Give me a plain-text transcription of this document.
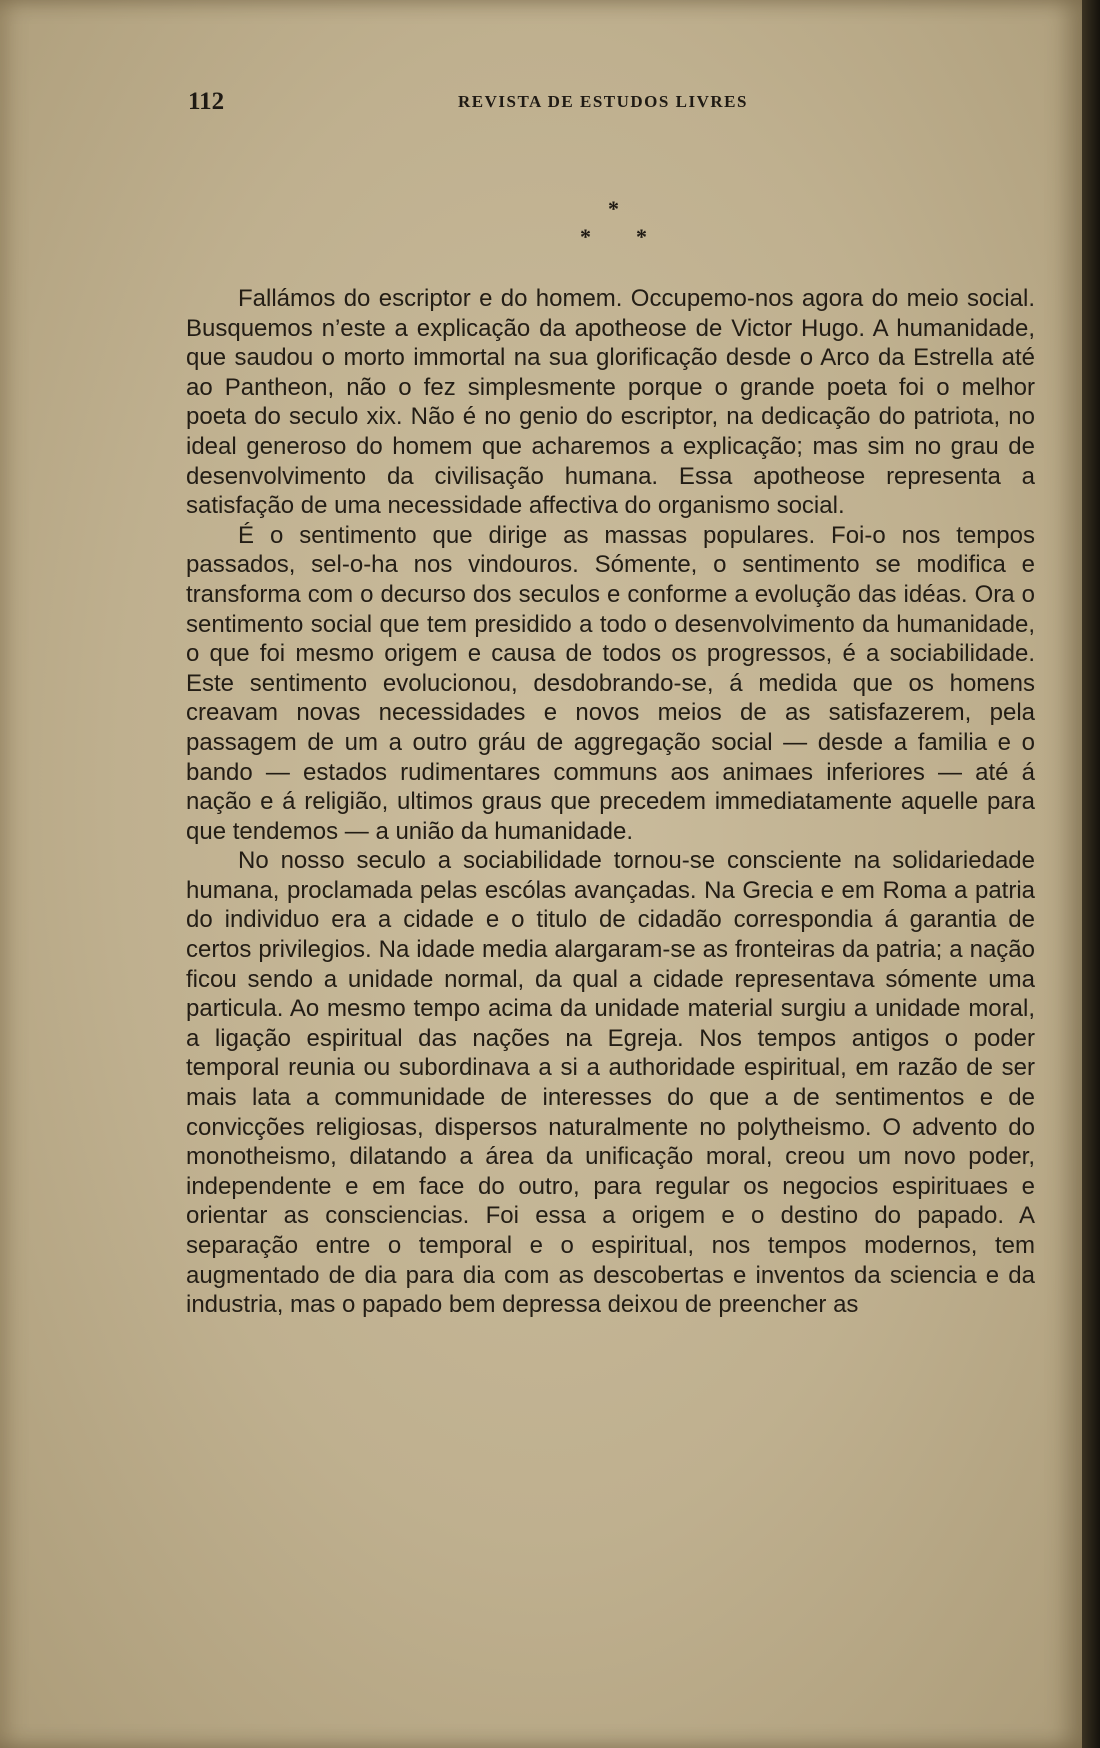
112	REVISTA DE ESTUDOS LIVRES
*
* *

Fallámos do escriptor e do homem. Occupemo-nos agora do meio social. Busquemos n’este a explicação da apotheose de Victor Hugo. A humanidade, que saudou o morto immortal na sua glorificação desde o Arco da Estrella até ao Pantheon, não o fez simplesmente porque o grande poeta foi o melhor poeta do seculo xix. Não é no genio do escriptor, na dedicação do patriota, no ideal generoso do homem que acharemos a explicação; mas sim no grau de desenvolvimento da civilisação humana. Essa apotheose representa a satisfação de uma necessidade affectiva do organismo social.

É o sentimento que dirige as massas populares. Foi-o nos tempos passados, sel-o-ha nos vindouros. Sómente, o sentimento se modifica e transforma com o decurso dos seculos e conforme a evolução das idéas. Ora o sentimento social que tem presidido a todo o desenvolvimento da humanidade, o que foi mesmo origem e causa de todos os progressos, é a sociabilidade. Este sentimento evolucionou, desdobrando-se, á medida que os homens creavam novas necessidades e novos meios de as satisfazerem, pela passagem de um a outro gráu de aggregação social — desde a familia e o bando — estados rudimentares communs aos animaes inferiores — até á nação e á religião, ultimos graus que precedem immediatamente aquelle para que tendemos — a união da humanidade.

No nosso seculo a sociabilidade tornou-se consciente na solidariedade humana, proclamada pelas escólas avançadas. Na Grecia e em Roma a patria do individuo era a cidade e o titulo de cidadão correspondia á garantia de certos privilegios. Na idade media alargaram-se as fronteiras da patria; a nação ficou sendo a unidade normal, da qual a cidade representava sómente uma particula. Ao mesmo tempo acima da unidade material surgiu a unidade moral, a ligação espiritual das nações na Egreja. Nos tempos antigos o poder temporal reunia ou subordinava a si a authoridade espiritual, em razão de ser mais lata a communidade de interesses do que a de sentimentos e de convicções religiosas, dispersos naturalmente no polytheismo. O advento do monotheismo, dilatando a área da unificação moral, creou um novo poder, independente e em face do outro, para regular os negocios espirituaes e orientar as consciencias. Foi essa a origem e o destino do papado. A separação entre o temporal e o espiritual, nos tempos modernos, tem augmentado de dia para dia com as descobertas e inventos da sciencia e da industria, mas o papado bem depressa deixou de preencher as
